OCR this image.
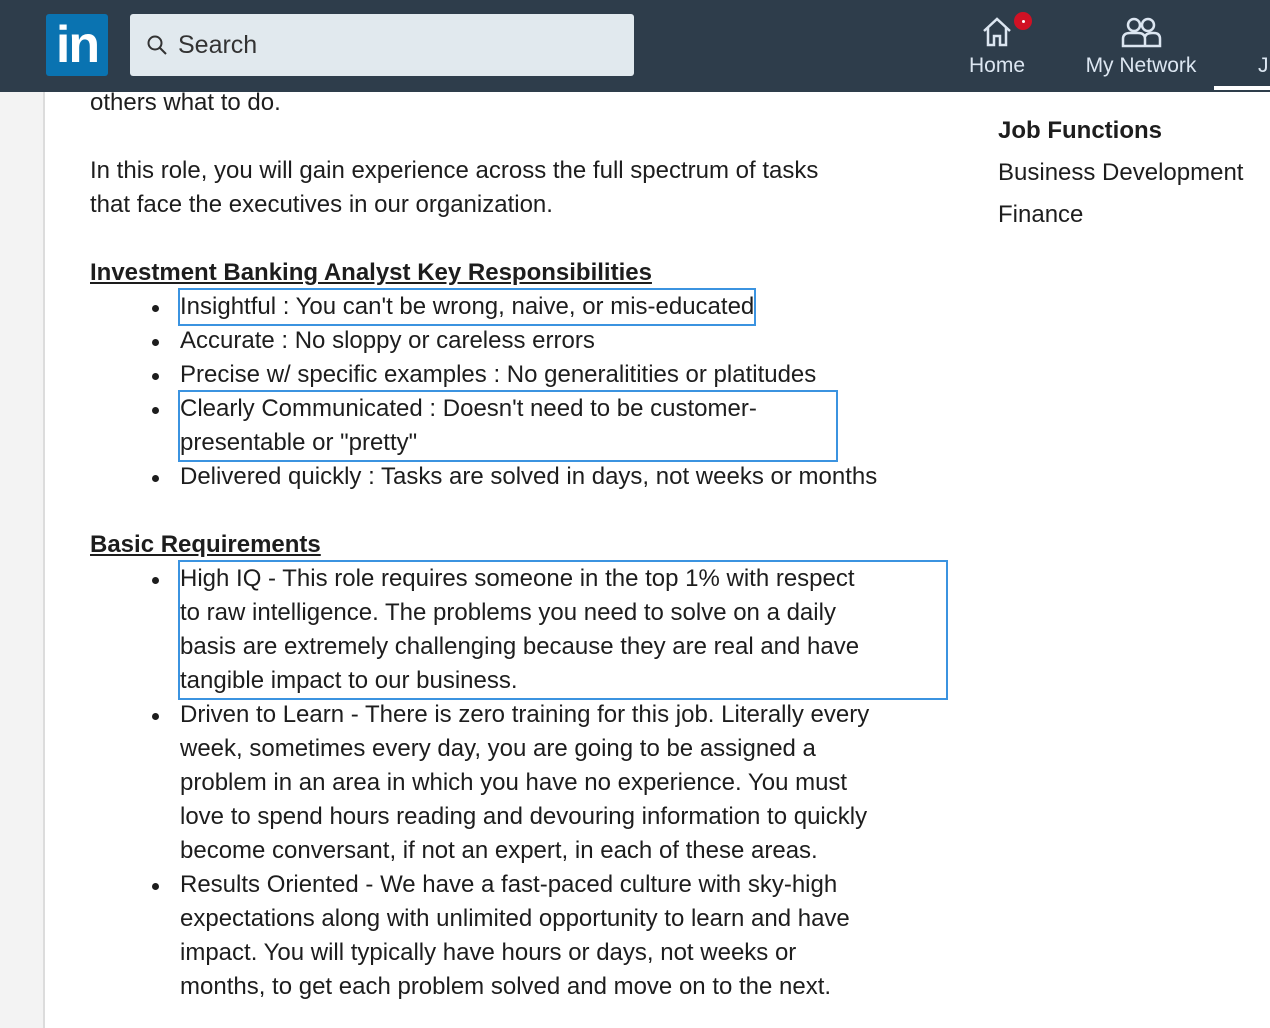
in	Search
Home	My Network	J

others what to do.

In this role, you will gain experience across the full spectrum of tasks

that face the executives in our organization.

Investment Banking Analyst Key Responsibilities

Insightful : You can't be wrong, naive, or mis-educated
Accurate : No sloppy or careless errors
Precise w/ specific examples : No generalitities or platitudes
Clearly Communicated : Doesn't need to be customer-
presentable or "pretty"
Delivered quickly : Tasks are solved in days, not weeks or months

Basic Requirements

High IQ - This role requires someone in the top 1% with respect
to raw intelligence. The problems you need to solve on a daily
basis are extremely challenging because they are real and have
tangible impact to our business.
Driven to Learn - There is zero training for this job. Literally every
week, sometimes every day, you are going to be assigned a
problem in an area in which you have no experience. You must
love to spend hours reading and devouring information to quickly
become conversant, if not an expert, in each of these areas.
Results Oriented - We have a fast-paced culture with sky-high
expectations along with unlimited opportunity to learn and have
impact. You will typically have hours or days, not weeks or
months, to get each problem solved and move on to the next.
Job Functions
Business Development
Finance
